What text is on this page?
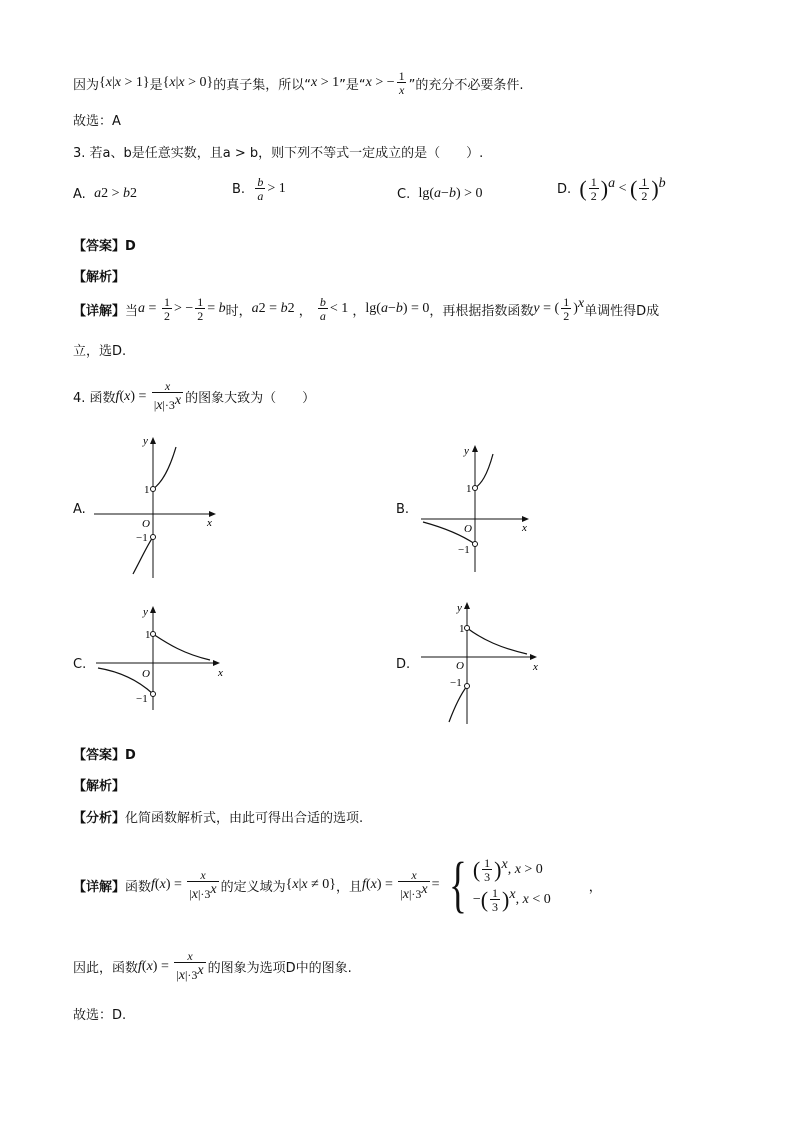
因为 {x|x > 1} 是 {x|x > 0} 的真子集，所以“ x > 1 ”是“ x > − $\frac{1}{x}$ ”的充分不必要条件.
故选：A
3. 若a、b是任意实数，且a > b，则下列不等式一定成立的是（　　）.
A.
a 2 > b 2	B.
$\frac{b}{a} > 1$	C.
lg( a − b ) > 0	D.
( $\frac{1}{2}$ ) a < ( $\frac{1}{2}$ ) b
【答案】D
【解析】
【详解】 当 $a = \frac{1}{2}$ > − $\frac{1}{2} = b$ 时， a 2 = b 2 ， $\frac{b}{a} < 1$ ， lg( a − b ) = 0 ，再根据指数函数 y = ( $\frac{1}{2}$ ) x 单调性得D成
立，选D.
4. 函数 f ( x ) = $\frac{x}{|x|\cdot 3^x}$ 的图象大致为（　　）
A.	B.
C.	D.
y
x
O
1
−1
y
x
O
1
−1
y
x
O
1
−1
y
x
O
1
−1
【答案】D
【解析】
【分析】 化简函数解析式，由此可得出合适的选项.
【详解】 函数 f ( x ) = $\frac{x}{|x|\cdot 3^x}$ 的定义域为 {x|x ≠ 0} ，且 f ( x ) = $\frac{x}{|x|\cdot 3^x}$ = { ( $\frac{1}{3}$ ) x , x > 0
− ( $\frac{1}{3}$ ) x , x < 0
，
因此，函数 f ( x ) = $\frac{x}{|x|\cdot 3^x}$ 的图象为选项D中的图象.
故选：D.
